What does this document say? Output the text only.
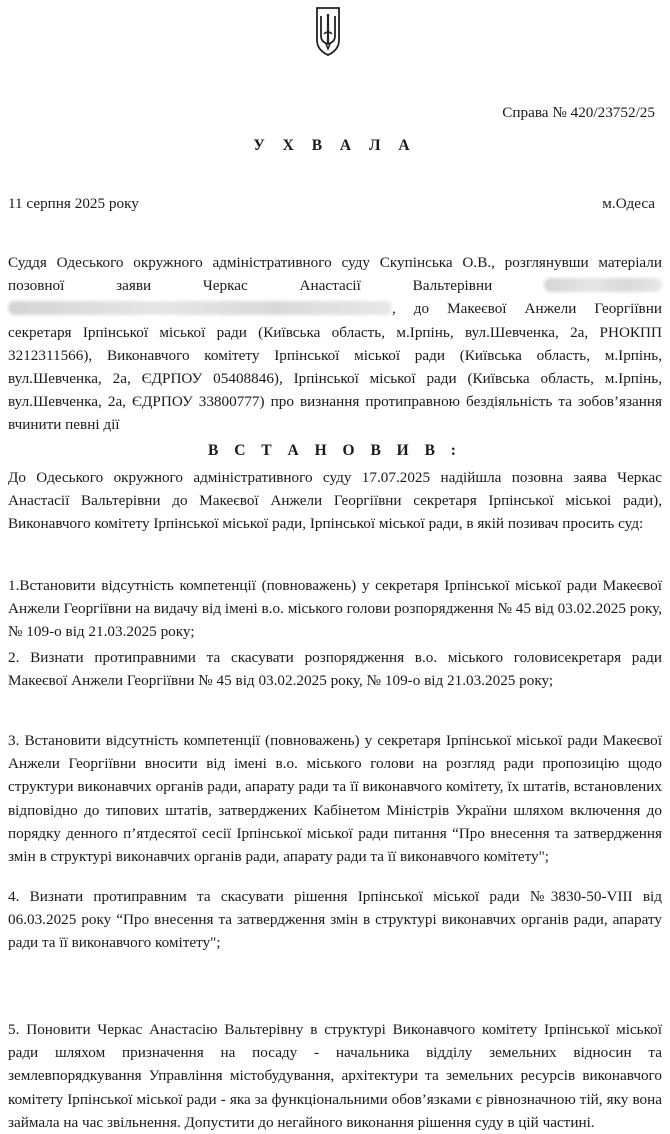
Справа № 420/23752/25
У Х В А Л А
11 серпня 2025 року	м.Одеса

Суддя Одеського окружного адміністративного суду Скупінська О.В., розглянувши матеріали позовної заяви Черкас Анастасії Вальтерівни  , до Макеєвої Анжели Георгіївни секретаря Ірпінської міської ради (Київська область, м.Ірпінь, вул.Шевченка, 2а, РНОКПП 3212311566), Виконавчого комітету Ірпінської міської ради (Київська область, м.Ірпінь, вул.Шевченка, 2а, ЄДРПОУ 05408846), Ірпінської міської ради (Київська область, м.Ірпінь, вул.Шевченка, 2а, ЄДРПОУ 33800777) про визнання протиправною бездіяльність та зобов’язання вчинити певні дії

В С Т А Н О В И В :

До Одеського окружного адміністративного суду 17.07.2025 надійшла позовна заява Черкас Анастасії Вальтерівни до Макеєвої Анжели Георгіївни секретаря Ірпінської міськоі ради), Виконавчого комітету Ірпінської міської ради, Ірпінської міської ради, в якій позивач просить суд:

1.Встановити відсутність компетенції (повноважень) у секретаря Ірпінської міської ради Макеєвої Анжели Георгіївни на видачу від імені в.о. міського голови розпорядження № 45 від 03.02.2025 року, № 109-о від 21.03.2025 року;

2. Визнати протиправними та скасувати розпорядження в.о. міського головисекретаря ради Макеєвої Анжели Георгіївни № 45 від 03.02.2025 року, № 109-о від 21.03.2025 року;

3. Встановити відсутність компетенції (повноважень) у секретаря Ірпінської міської ради Макеєвої Анжели Георгіївни вносити від імені в.о. міського голови на розгляд ради пропозицію щодо структури виконавчих органів ради, апарату ради та її виконавчого комітету, їх штатів, встановлених відповідно до типових штатів, затверджених Кабінетом Міністрів України шляхом включення до порядку денного п’ятдесятої сесії Ірпінської міської ради питання “Про внесення та затвердження змін в структурі виконавчих органів ради, апарату ради та її виконавчого комітету";

4. Визнати протиправним та скасувати рішення Ірпінської міської ради №3830-50-VIII від 06.03.2025 року “Про внесення та затвердження змін в структурі виконавчих органів ради, апарату ради та її виконавчого комітету";

5. Поновити Черкас Анастасію Вальтерівну в структурі Виконавчого комітету Ірпінської міської ради шляхом призначення на посаду - начальника відділу земельних відносин та землевпорядкування Управління містобудування, архітектури та земельних ресурсів виконавчого комітету Ірпінської міської ради - яка за функціональними обов’язками є рівнозначною тій, яку вона займала на час звільнення. Допустити до негайного виконання рішення суду в цій частині.
